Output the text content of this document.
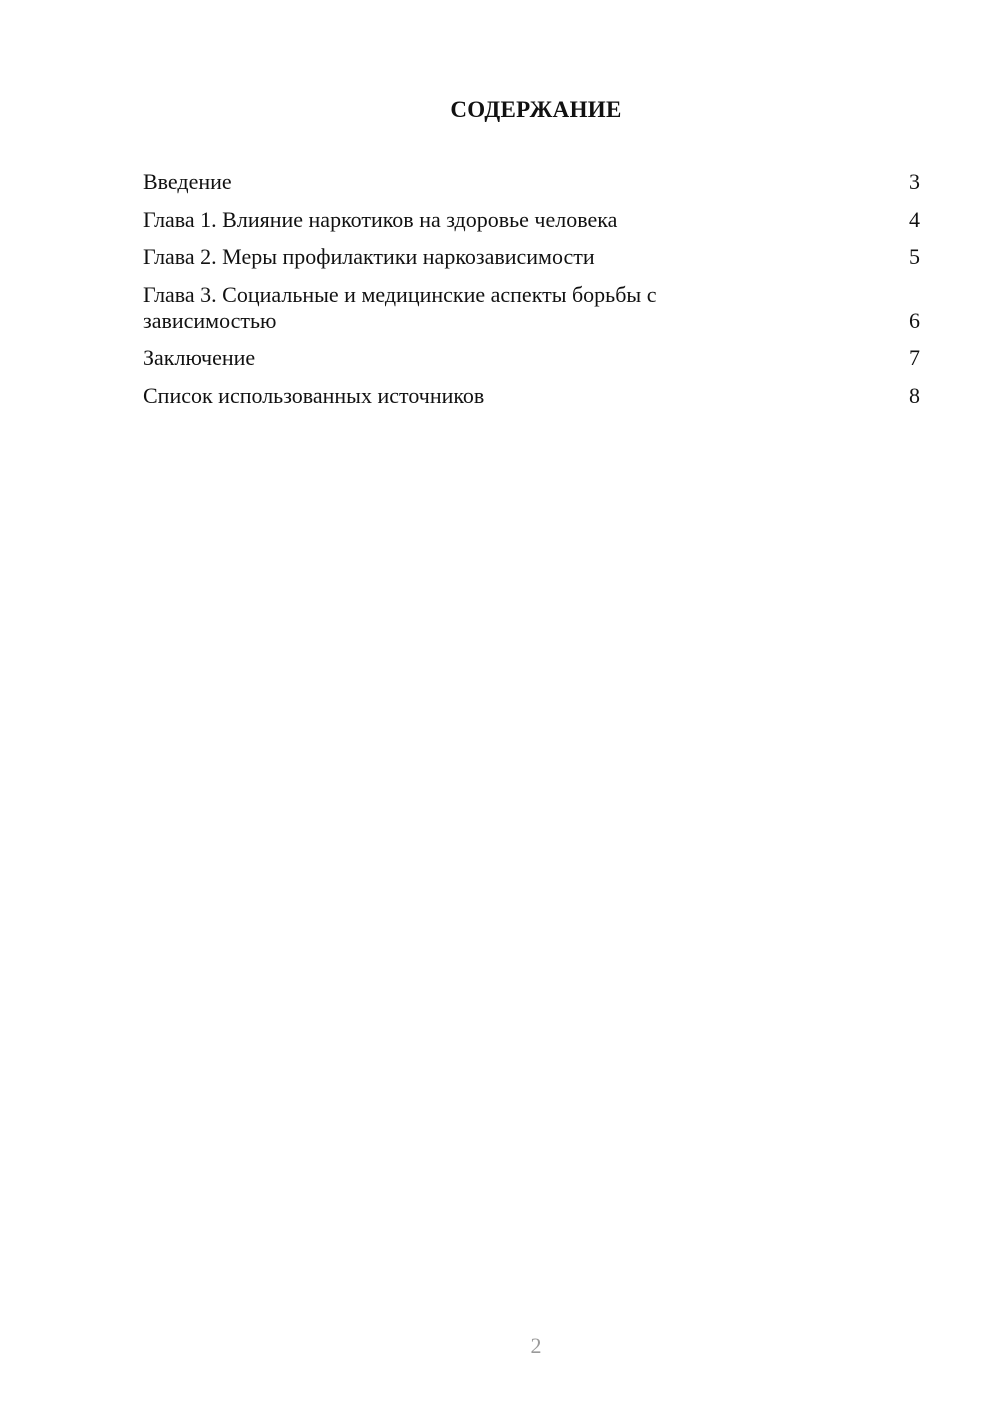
СОДЕРЖАНИЕ
Введение	3
Глава 1. Влияние наркотиков на здоровье человека	4
Глава 2. Меры профилактики наркозависимости	5
Глава 3. Социальные и медицинские аспекты борьбы с зависимостью	6
Заключение	7
Список использованных источников	8
2
